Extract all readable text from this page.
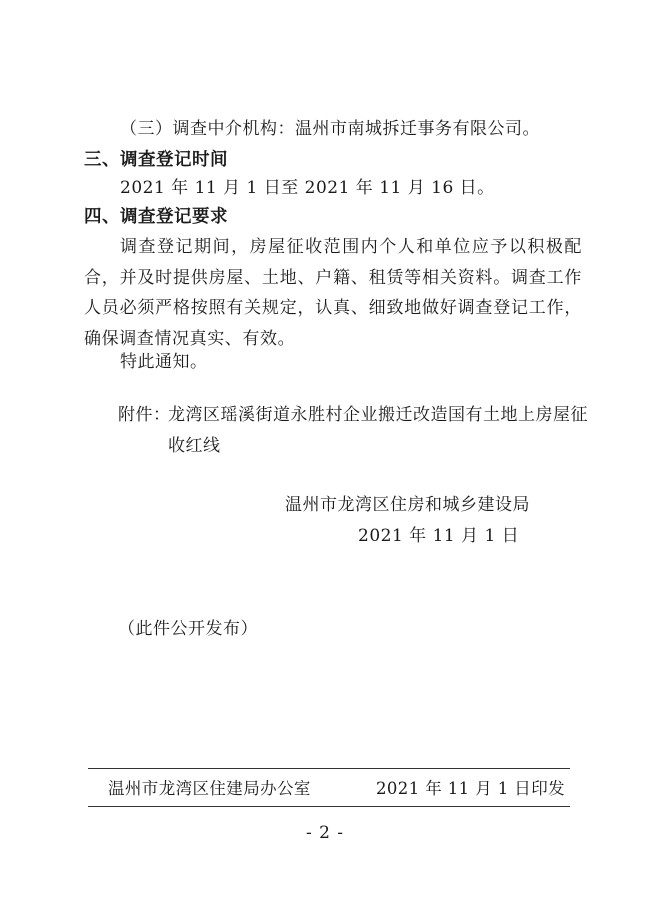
（三）调查中介机构：温州市南城拆迁事务有限公司。
三、调查登记时间
2021 年 11 月 1 日至 2021 年 11 月 16 日。
四、调查登记要求
调查登记期间，房屋征收范围内个人和单位应予以积极配合，并及时提供房屋、土地、户籍、租赁等相关资料。调查工作人员必须严格按照有关规定，认真、细致地做好调查登记工作，确保调查情况真实、有效。
特此通知。
附件：
龙湾区瑶溪街道永胜村企业搬迁改造国有土地上房屋征收红线
温州市龙湾区住房和城乡建设局
2021 年 11 月 1 日
（此件公开发布）
温州市龙湾区住建局办公室	2021 年 11 月 1 日印发
- 2 -
